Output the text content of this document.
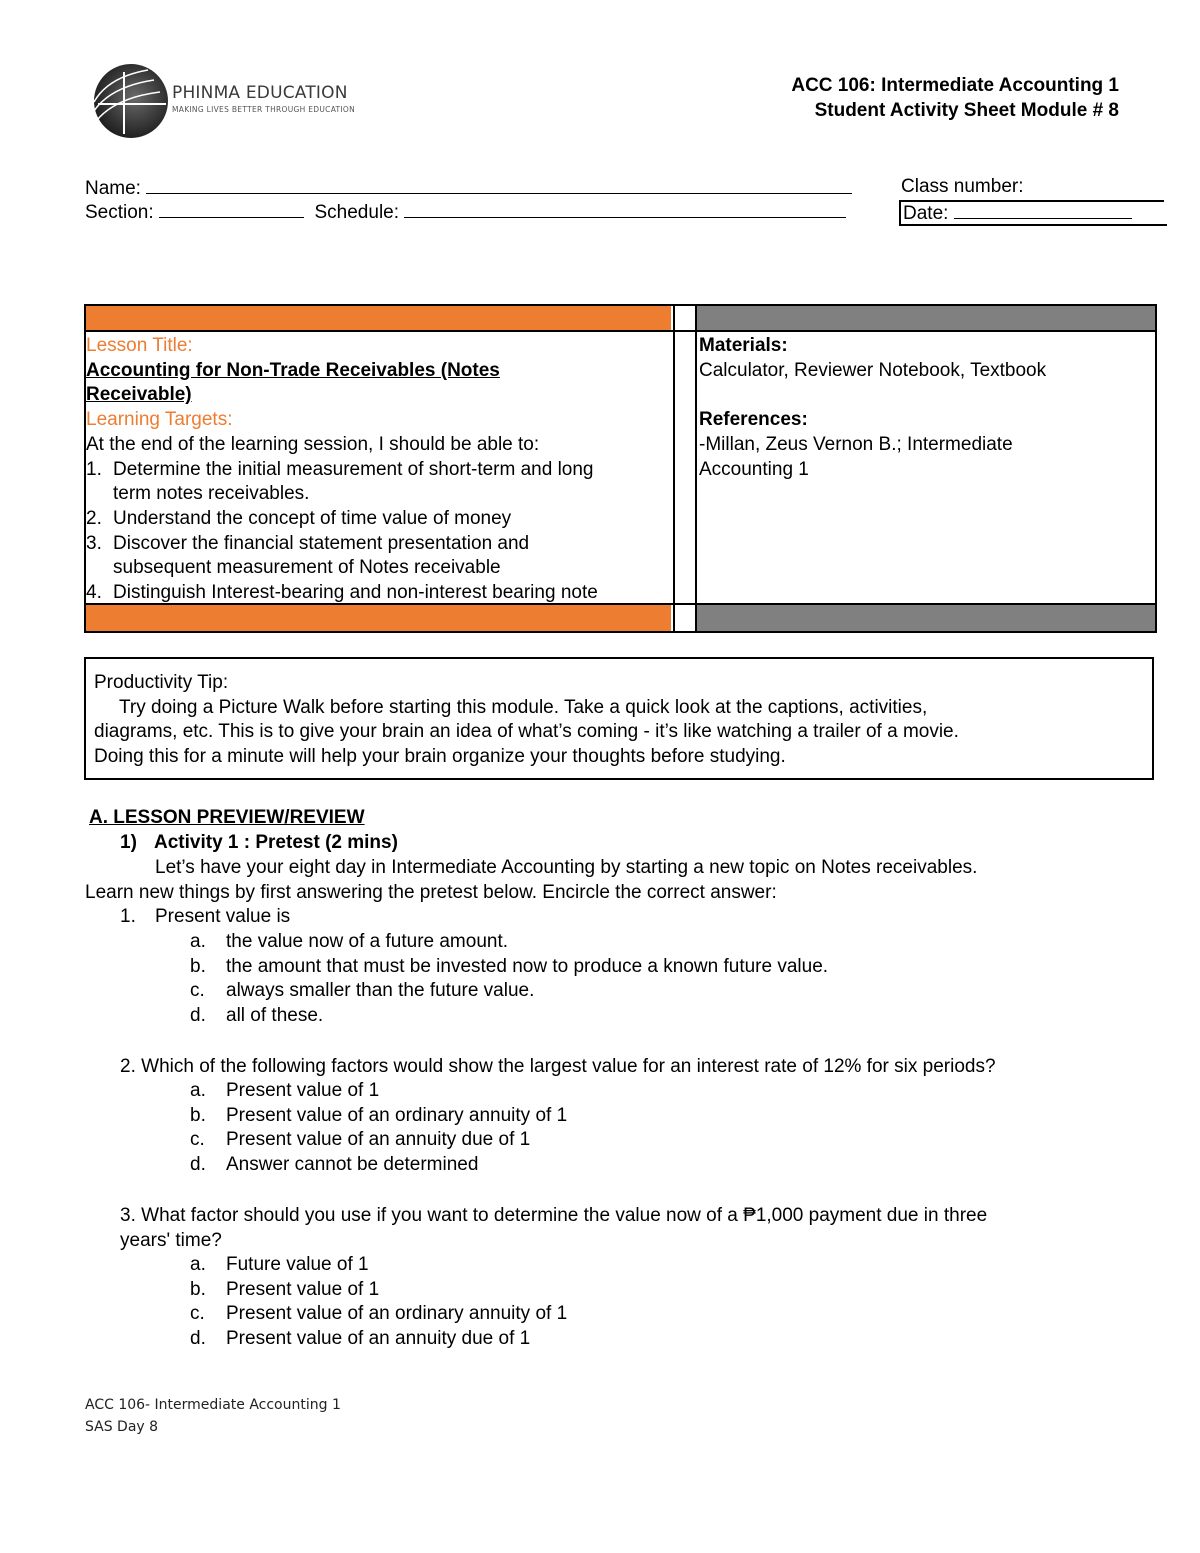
PHINMA EDUCATION
MAKING LIVES BETTER THROUGH EDUCATION
ACC 106: Intermediate Accounting 1
Student Activity Sheet Module # 8
Name:
Section:	Schedule:
Class number:
Date:
Lesson Title:
Accounting for Non-Trade Receivables (Notes
Receivable)
Learning Targets:
At the end of the learning session, I should be able to:
1. Determine the initial measurement of short-term and long
term notes receivables.
2. Understand the concept of time value of money
3. Discover the financial statement presentation and
subsequent measurement of Notes receivable
4. Distinguish Interest-bearing and non-interest bearing note
Materials:
Calculator, Reviewer Notebook, Textbook
References:
-Millan, Zeus Vernon B.; Intermediate
Accounting 1
Productivity Tip:
Try doing a Picture Walk before starting this module. Take a quick look at the captions, activities,
diagrams, etc. This is to give your brain an idea of what’s coming - it’s like watching a trailer of a movie.
Doing this for a minute will help your brain organize your thoughts before studying.
A. LESSON PREVIEW/REVIEW
1) Activity 1 : Pretest (2 mins)
Let’s have your eight day in Intermediate Accounting by starting a new topic on Notes receivables.
Learn new things by first answering the pretest below. Encircle the correct answer:
1. Present value is
a. the value now of a future amount.
b. the amount that must be invested now to produce a known future value.
c. always smaller than the future value.
d. all of these.
2. Which of the following factors would show the largest value for an interest rate of 12% for six periods?
a. Present value of 1
b. Present value of an ordinary annuity of 1
c. Present value of an annuity due of 1
d. Answer cannot be determined
3. What factor should you use if you want to determine the value now of a ₱1,000 payment due in three
years' time?
a. Future value of 1
b. Present value of 1
c. Present value of an ordinary annuity of 1
d. Present value of an annuity due of 1
ACC 106- Intermediate Accounting 1
SAS Day 8
